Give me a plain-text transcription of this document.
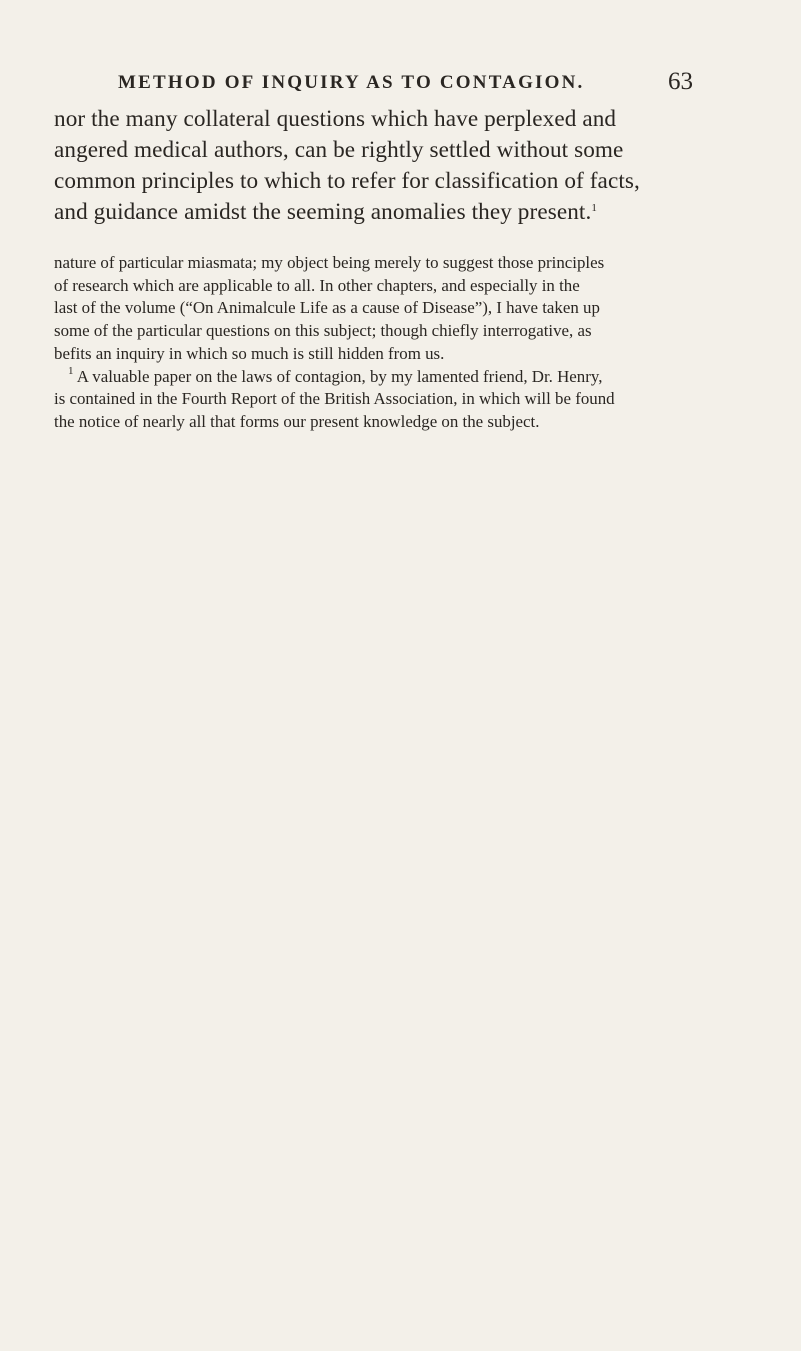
METHOD OF INQUIRY AS TO CONTAGION.	63
nor the many collateral questions which have perplexed and
angered medical authors, can be rightly settled without some
common principles to which to refer for classification of facts,
and guidance amidst the seeming anomalies they present.$^1$
nature of particular miasmata; my object being merely to suggest those principles
of research which are applicable to all. In other chapters, and especially in the
last of the volume (“On Animalcule Life as a cause of Disease”), I have taken up
some of the particular questions on this subject; though chiefly interrogative, as
befits an inquiry in which so much is still hidden from us.
$^1$ A valuable paper on the laws of contagion, by my lamented friend, Dr. Henry,
is contained in the Fourth Report of the British Association, in which will be found
the notice of nearly all that forms our present knowledge on the subject.
